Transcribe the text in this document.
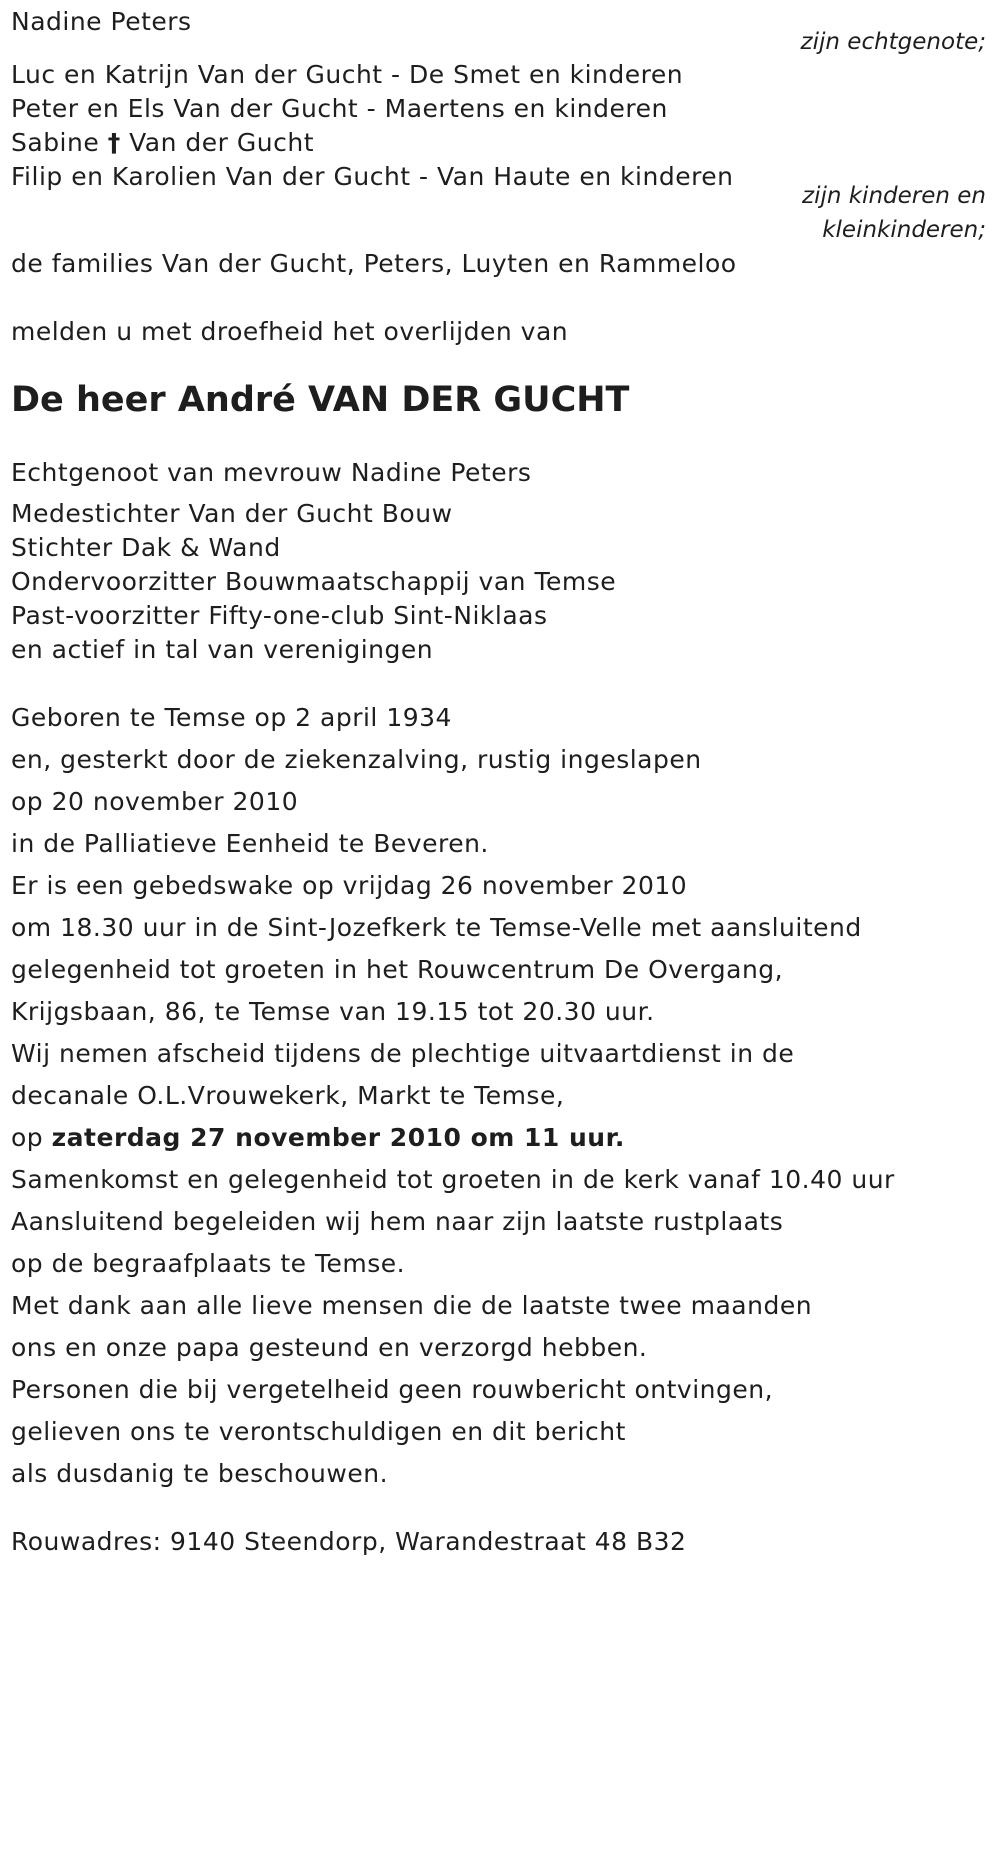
Nadine Peters
zijn echtgenote;
Luc en Katrijn Van der Gucht - De Smet en kinderen
Peter en Els Van der Gucht - Maertens en kinderen
Sabine † Van der Gucht
Filip en Karolien Van der Gucht - Van Haute en kinderen
zijn kinderen en
kleinkinderen;
de families Van der Gucht, Peters, Luyten en Rammeloo
melden u met droefheid het overlijden van
De heer André VAN DER GUCHT
Echtgenoot van mevrouw Nadine Peters
Medestichter Van der Gucht Bouw
Stichter Dak & Wand
Ondervoorzitter Bouwmaatschappij van Temse
Past-voorzitter Fifty-one-club Sint-Niklaas
en actief in tal van verenigingen
Geboren te Temse op 2 april 1934
en, gesterkt door de ziekenzalving, rustig ingeslapen
op 20 november 2010
in de Palliatieve Eenheid te Beveren.
Er is een gebedswake op vrijdag 26 november 2010
om 18.30 uur in de Sint-Jozefkerk te Temse-Velle met aansluitend
gelegenheid tot groeten in het Rouwcentrum De Overgang,
Krijgsbaan, 86, te Temse van 19.15 tot 20.30 uur.
Wij nemen afscheid tijdens de plechtige uitvaartdienst in de
decanale O.L.Vrouwekerk, Markt te Temse,
op zaterdag 27 november 2010 om 11 uur.
Samenkomst en gelegenheid tot groeten in de kerk vanaf 10.40 uur
Aansluitend begeleiden wij hem naar zijn laatste rustplaats
op de begraafplaats te Temse.
Met dank aan alle lieve mensen die de laatste twee maanden
ons en onze papa gesteund en verzorgd hebben.
Personen die bij vergetelheid geen rouwbericht ontvingen,
gelieven ons te verontschuldigen en dit bericht
als dusdanig te beschouwen.
Rouwadres: 9140 Steendorp, Warandestraat 48 B32
